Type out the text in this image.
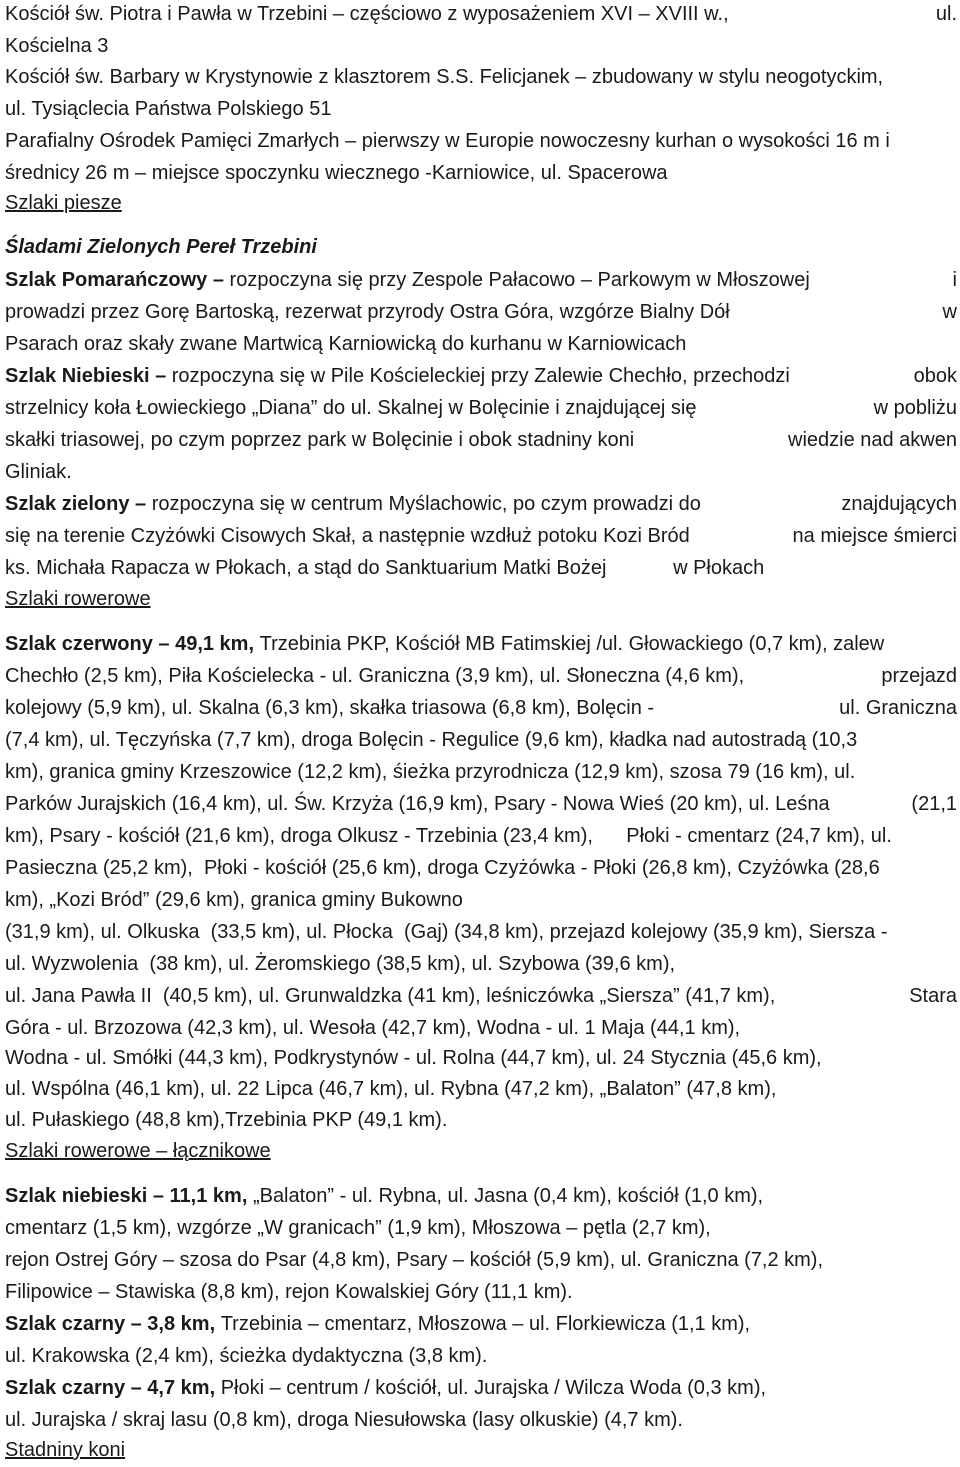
Kościół św. Piotra i Pawła w Trzebini – częściowo z wyposażeniem XVI – XVIII w.,	ul.
Kościelna 3
Kościół św. Barbary w Krystynowie z klasztorem S.S. Felicjanek – zbudowany w stylu neogotyckim,
ul. Tysiąclecia Państwa Polskiego 51
Parafialny Ośrodek Pamięci Zmarłych – pierwszy w Europie nowoczesny kurhan o wysokości 16 m i
średnicy 26 m – miejsce spoczynku wiecznego -Karniowice, ul. Spacerowa
Szlaki piesze
Śladami Zielonych Pereł Trzebini
Szlak Pomarańczowy – rozpoczyna się przy Zespole Pałacowo – Parkowym w Młoszowej	i
prowadzi przez Gorę Bartoską, rezerwat przyrody Ostra Góra, wzgórze Bialny Dół	w
Psarach oraz skały zwane Martwicą Karniowicką do kurhanu w Karniowicach
Szlak Niebieski – rozpoczyna się w Pile Kościeleckiej przy Zalewie Chechło, przechodzi	obok
strzelnicy koła Łowieckiego „Diana” do ul. Skalnej w Bolęcinie i znajdującej się	w pobliżu
skałki triasowej, po czym poprzez park w Bolęcinie i obok stadniny koni	wiedzie nad akwen
Gliniak.
Szlak zielony – rozpoczyna się w centrum Myślachowic, po czym prowadzi do	znajdujących
się na terenie Czyżówki Cisowych Skał, a następnie wzdłuż potoku Kozi Bród	na miejsce śmierci
ks. Michała Rapacza w Płokach, a stąd do Sanktuarium Matki Bożej            w Płokach
Szlaki rowerowe
Szlak czerwony – 49,1 km, Trzebinia PKP, Kościół MB Fatimskiej /ul. Głowackiego (0,7 km), zalew
Chechło (2,5 km), Piła Kościelecka - ul. Graniczna (3,9 km), ul. Słoneczna (4,6 km),	przejazd
kolejowy (5,9 km), ul. Skalna (6,3 km), skałka triasowa (6,8 km), Bolęcin -	ul. Graniczna
(7,4 km), ul. Tęczyńska (7,7 km), droga Bolęcin - Regulice (9,6 km), kładka nad autostradą (10,3
km), granica gminy Krzeszowice (12,2 km), śieżka przyrodnicza (12,9 km), szosa 79 (16 km), ul.
Parków Jurajskich (16,4 km), ul. Św. Krzyża (16,9 km), Psary - Nowa Wieś (20 km), ul. Leśna	(21,1
km), Psary - kościół (21,6 km), droga Olkusz - Trzebinia (23,4 km),      Płoki - cmentarz (24,7 km), ul.
Pasieczna (25,2 km),  Płoki - kościół (25,6 km), droga Czyżówka - Płoki (26,8 km), Czyżówka (28,6
km), „Kozi Bród” (29,6 km), granica gminy Bukowno
(31,9 km), ul. Olkuska  (33,5 km), ul. Płocka  (Gaj) (34,8 km), przejazd kolejowy (35,9 km), Siersza -
ul. Wyzwolenia  (38 km), ul. Żeromskiego (38,5 km), ul. Szybowa (39,6 km),
ul. Jana Pawła II  (40,5 km), ul. Grunwaldzka (41 km), leśniczówka „Siersza” (41,7 km),	Stara
Góra - ul. Brzozowa (42,3 km), ul. Wesoła (42,7 km), Wodna - ul. 1 Maja (44,1 km),
Wodna - ul. Smółki (44,3 km), Podkrystynów - ul. Rolna (44,7 km), ul. 24 Stycznia (45,6 km),
ul. Wspólna (46,1 km), ul. 22 Lipca (46,7 km), ul. Rybna (47,2 km), „Balaton” (47,8 km),
ul. Pułaskiego (48,8 km),Trzebinia PKP (49,1 km).
Szlaki rowerowe – łącznikowe
Szlak niebieski – 11,1 km, „Balaton” - ul. Rybna, ul. Jasna (0,4 km), kościół (1,0 km),
cmentarz (1,5 km), wzgórze „W granicach” (1,9 km), Młoszowa – pętla (2,7 km),
rejon Ostrej Góry – szosa do Psar (4,8 km), Psary – kościół (5,9 km), ul. Graniczna (7,2 km),
Filipowice – Stawiska (8,8 km), rejon Kowalskiej Góry (11,1 km).
Szlak czarny – 3,8 km, Trzebinia – cmentarz, Młoszowa – ul. Florkiewicza (1,1 km),
ul. Krakowska (2,4 km), ścieżka dydaktyczna (3,8 km).
Szlak czarny – 4,7 km, Płoki – centrum / kościół, ul. Jurajska / Wilcza Woda (0,3 km),
ul. Jurajska / skraj lasu (0,8 km), droga Niesułowska (lasy olkuskie) (4,7 km).
Stadniny koni
